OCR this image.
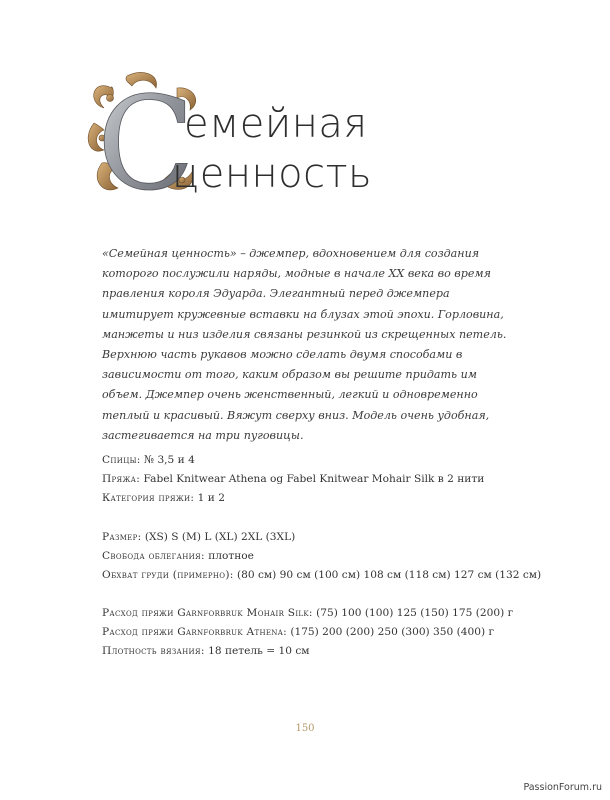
С
емейная
ценность

«Семейная ценность» – джемпер, вдохновением для создания которого послужили наряды, модные в начале XX века во время правления короля Эдуарда. Элегантный перед джемпера имитирует кружевные вставки на блузах этой эпохи. Горловина, манжеты и низ изделия связаны резинкой из скрещенных петель. Верхнюю часть рукавов можно сделать двумя способами в зависимости от того, каким образом вы решите придать им объем. Джемпер очень женственный, легкий и одновременно теплый и красивый. Вяжут сверху вниз. Модель очень удобная, застегивается на три пуговицы.

Спицы: № 3,5 и 4
Пряжа: Fabel Knitwear Athena og Fabel Knitwear Mohair Silk в 2 нити
Категория пряжи: 1 и 2
Размер: (XS) S (M) L (XL) 2XL (3XL)
Свобода облегания: плотное
Обхват груди (примерно): (80 см) 90 см (100 см) 108 см (118 см) 127 см (132 см)
Расход пряжи Garnforbruk Mohair Silk: (75) 100 (100) 125 (150) 175 (200) г
Расход пряжи Garnforbruk Athena: (175) 200 (200) 250 (300) 350 (400) г
Плотность вязания: 18 петель = 10 см
150
PassionForum.ru
